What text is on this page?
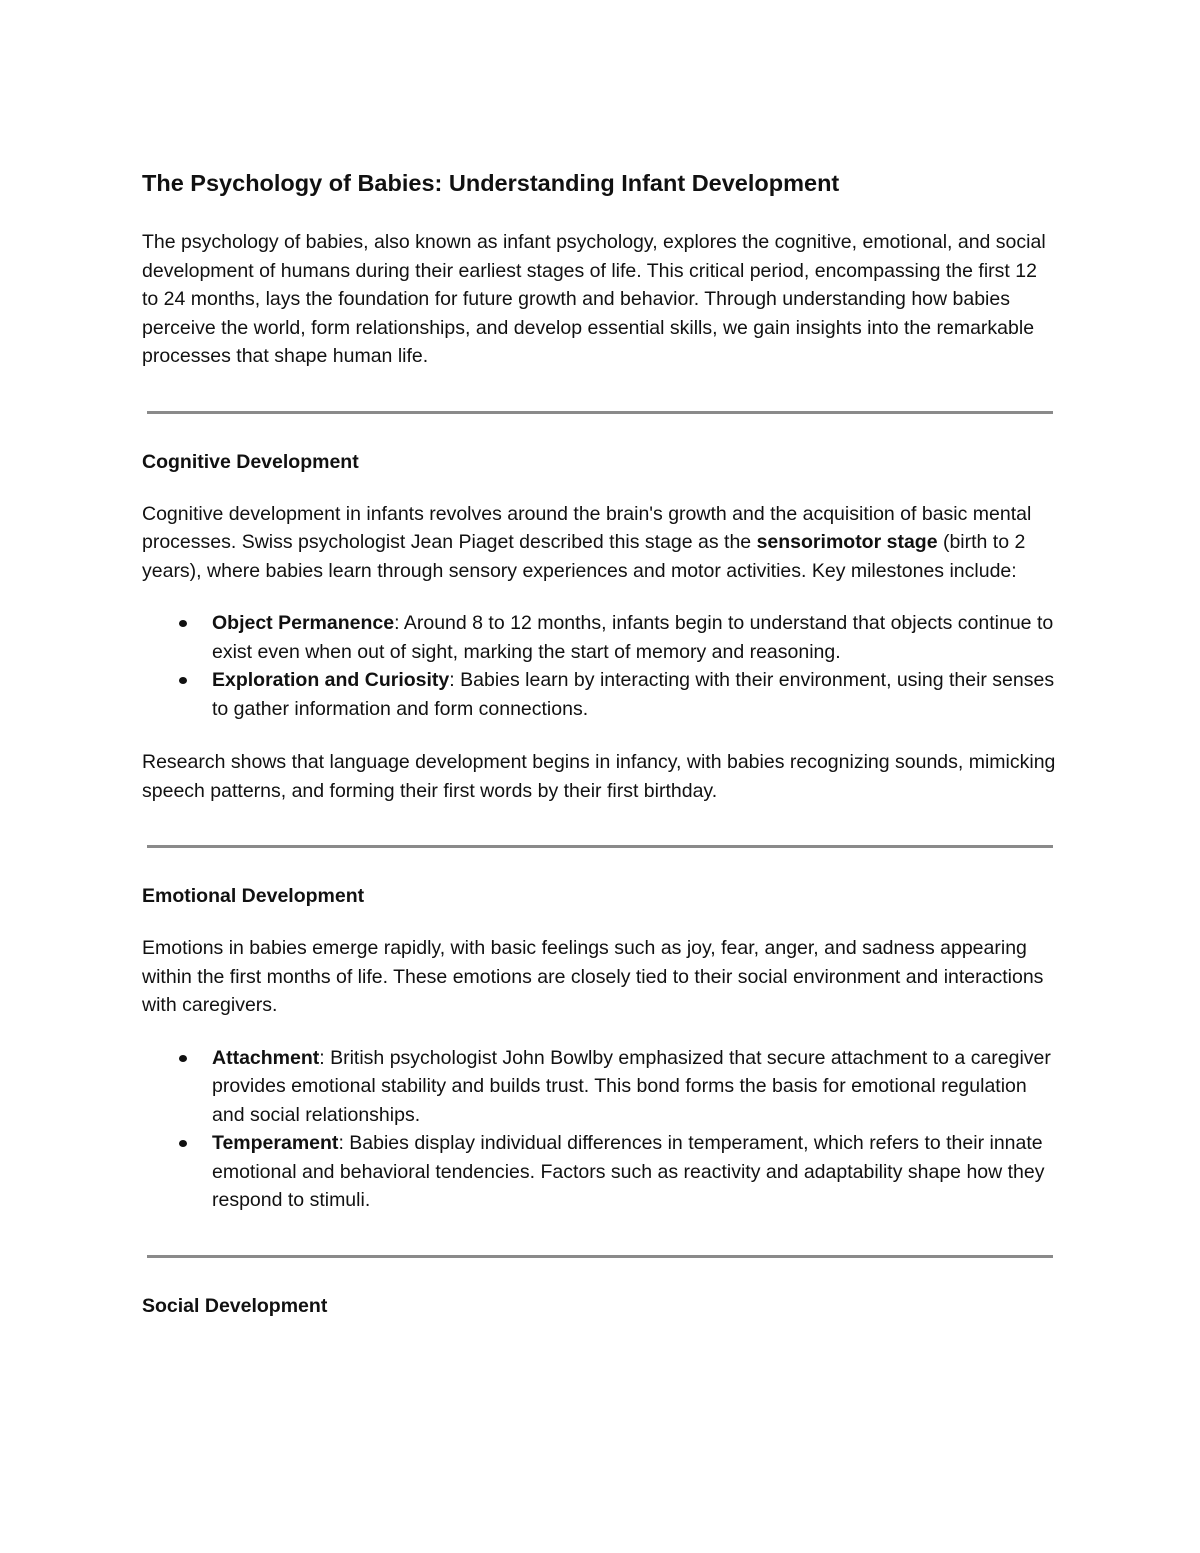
The Psychology of Babies: Understanding Infant Development

The psychology of babies, also known as infant psychology, explores the cognitive, emotional, and social development of humans during their earliest stages of life. This critical period, encompassing the first 12 to 24 months, lays the foundation for future growth and behavior. Through understanding how babies perceive the world, form relationships, and develop essential skills, we gain insights into the remarkable processes that shape human life.

Cognitive Development

Cognitive development in infants revolves around the brain's growth and the acquisition of basic mental processes. Swiss psychologist Jean Piaget described this stage as the sensorimotor stage (birth to 2 years), where babies learn through sensory experiences and motor activities. Key milestones include:

Object Permanence: Around 8 to 12 months, infants begin to understand that objects continue to exist even when out of sight, marking the start of memory and reasoning.
Exploration and Curiosity: Babies learn by interacting with their environment, using their senses to gather information and form connections.

Research shows that language development begins in infancy, with babies recognizing sounds, mimicking speech patterns, and forming their first words by their first birthday.

Emotional Development

Emotions in babies emerge rapidly, with basic feelings such as joy, fear, anger, and sadness appearing within the first months of life. These emotions are closely tied to their social environment and interactions with caregivers.

Attachment: British psychologist John Bowlby emphasized that secure attachment to a caregiver provides emotional stability and builds trust. This bond forms the basis for emotional regulation and social relationships.
Temperament: Babies display individual differences in temperament, which refers to their innate emotional and behavioral tendencies. Factors such as reactivity and adaptability shape how they respond to stimuli.
Social Development
